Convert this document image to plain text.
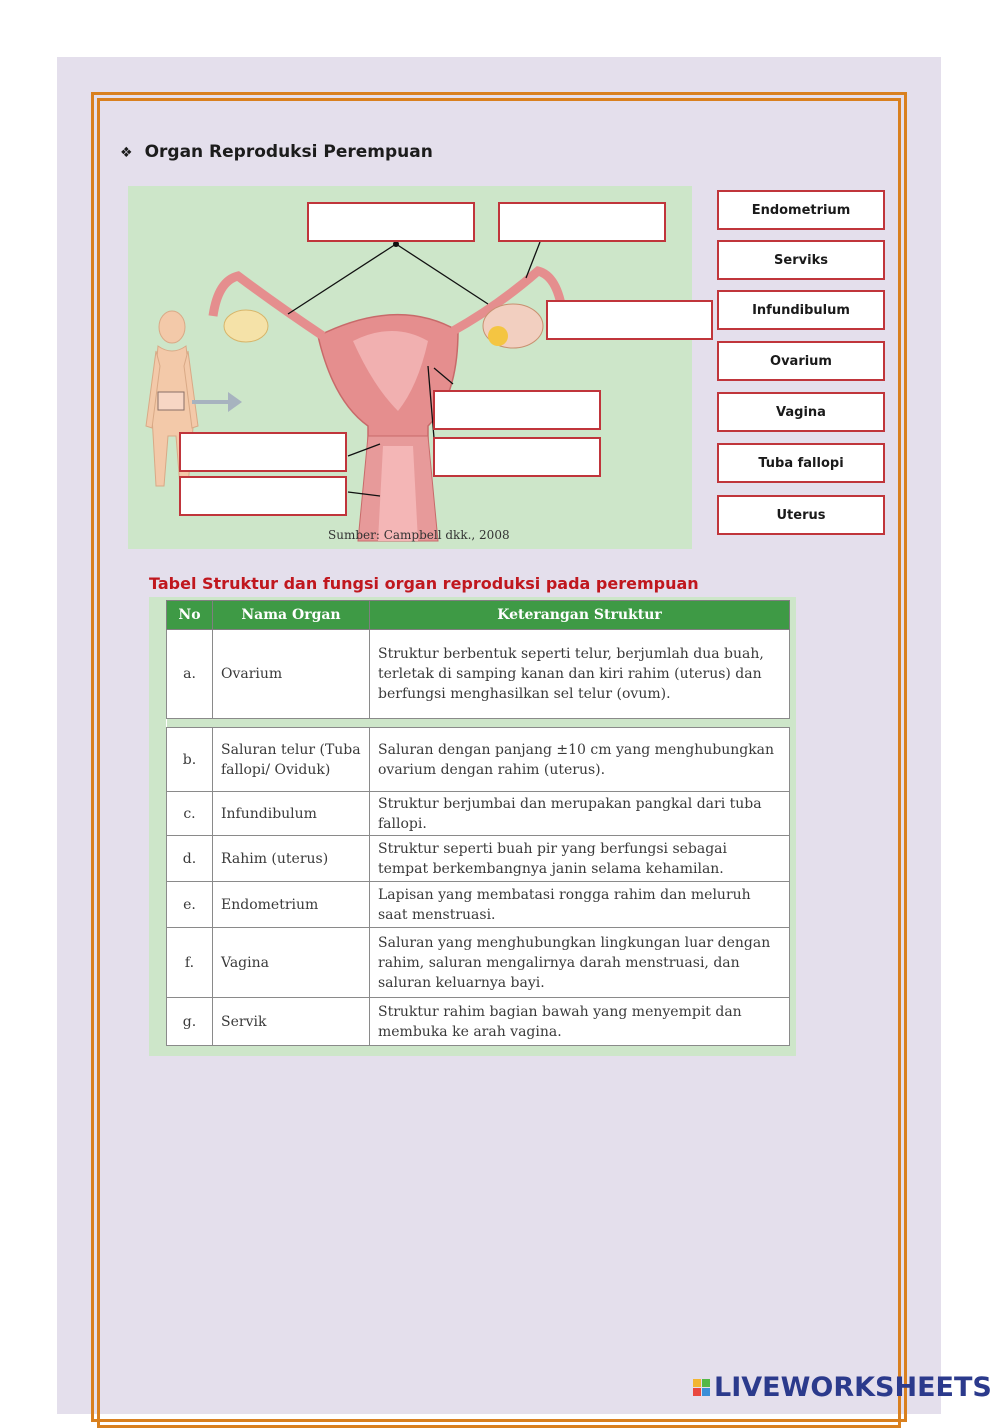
❖ Organ Reproduksi Perempuan
Sumber: Campbell dkk., 2008
Endometrium
Serviks
Infundibulum
Ovarium
Vagina
Tuba fallopi
Uterus
Tabel Struktur dan fungsi organ reproduksi pada perempuan
No	Nama Organ	Keterangan Struktur
a.	Ovarium	Struktur berbentuk seperti telur, berjumlah dua buah, terletak di samping kanan dan kiri rahim (uterus) dan berfungsi menghasilkan sel telur (ovum).

b.	Saluran telur (Tuba fallopi/ Oviduk)	Saluran dengan panjang ±10 cm yang menghubungkan ovarium dengan rahim (uterus).
c.	Infundibulum	Struktur berjumbai dan merupakan pangkal dari tuba fallopi.
d.	Rahim (uterus)	Struktur seperti buah pir yang berfungsi sebagai tempat berkembangnya janin selama kehamilan.
e.	Endometrium	Lapisan yang membatasi rongga rahim dan meluruh saat menstruasi.
f.	Vagina	Saluran yang menghubungkan lingkungan luar dengan rahim, saluran mengalirnya darah menstruasi, dan saluran keluarnya bayi.
g.	Servik	Struktur rahim bagian bawah yang menyempit dan membuka ke arah vagina.
LIVEWORKSHEETS
